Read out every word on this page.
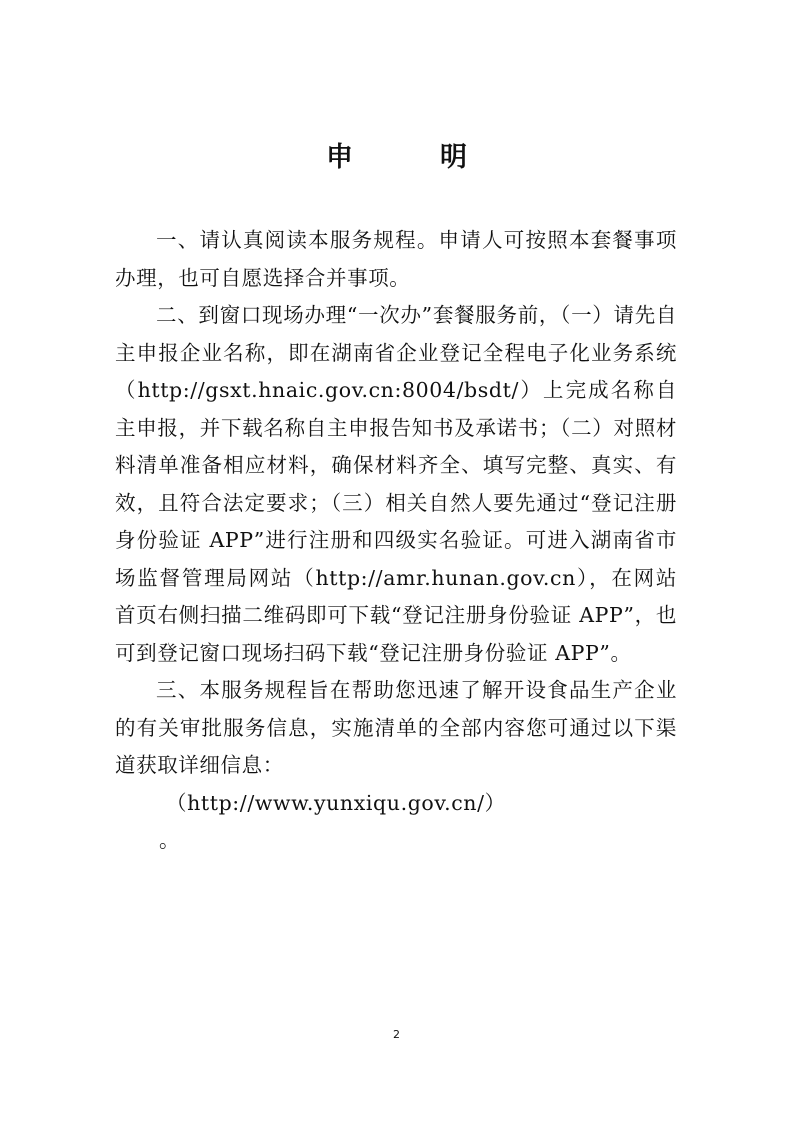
申　明

一、请认真阅读本服务规程。申请人可按照本套餐事项办理，也可自愿选择合并事项。

二、到窗口现场办理“一次办”套餐服务前，（一）请先自主申报企业名称，即在湖南省企业登记全程电子化业务系统（http://gsxt.hnaic.gov.cn:8004/bsdt/）上完成名称自主申报，并下载名称自主申报告知书及承诺书；（二）对照材料清单准备相应材料，确保材料齐全、填写完整、真实、有效，且符合法定要求；（三）相关自然人要先通过“登记注册身份验证 APP”进行注册和四级实名验证。可进入湖南省市场监督管理局网站（http://amr.hunan.gov.cn），在网站首页右侧扫描二维码即可下载“登记注册身份验证 APP”，也可到登记窗口现场扫码下载“登记注册身份验证 APP”。

三、本服务规程旨在帮助您迅速了解开设食品生产企业的有关审批服务信息，实施清单的全部内容您可通过以下渠道获取详细信息：

（http://www.yunxiqu.gov.cn/）

。

2
